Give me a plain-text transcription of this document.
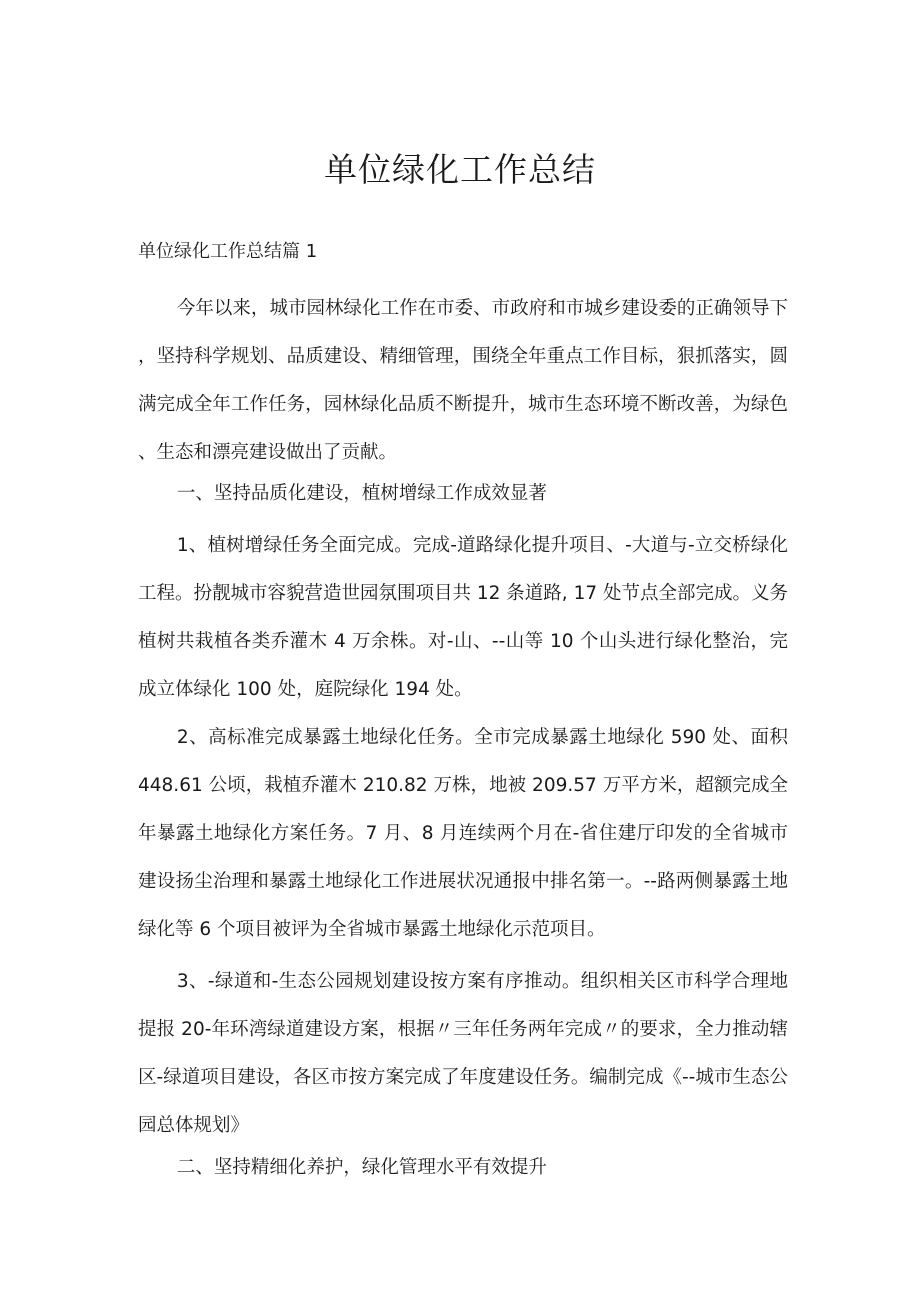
单位绿化工作总结

单位绿化工作总结篇 1

今年以来，城市园林绿化工作在市委、市政府和市城乡建设委的正确领导下，坚持科学规划、品质建设、精细管理，围绕全年重点工作目标，狠抓落实，圆满完成全年工作任务，园林绿化品质不断提升，城市生态环境不断改善，为绿色、生态和漂亮建设做出了贡献。

一、坚持品质化建设，植树增绿工作成效显著

1、植树增绿任务全面完成。完成-道路绿化提升项目、-大道与-立交桥绿化工程。扮靓城市容貌营造世园氛围项目共 12 条道路, 17 处节点全部完成。义务植树共栽植各类乔灌木 4 万余株。对-山、--山等 10 个山头进行绿化整治，完成立体绿化 100 处，庭院绿化 194 处。

2、高标准完成暴露土地绿化任务。全市完成暴露土地绿化 590 处、面积 448.61 公顷，栽植乔灌木 210.82 万株，地被 209.57 万平方米，超额完成全年暴露土地绿化方案任务。7 月、8 月连续两个月在-省住建厅印发的全省城市建设扬尘治理和暴露土地绿化工作进展状况通报中排名第一。--路两侧暴露土地绿化等 6 个项目被评为全省城市暴露土地绿化示范项目。

3、-绿道和-生态公园规划建设按方案有序推动。组织相关区市科学合理地提报 20-年环湾绿道建设方案，根据〃三年任务两年完成〃的要求，全力推动辖区-绿道项目建设，各区市按方案完成了年度建设任务。编制完成《--城市生态公园总体规划》

二、坚持精细化养护，绿化管理水平有效提升
